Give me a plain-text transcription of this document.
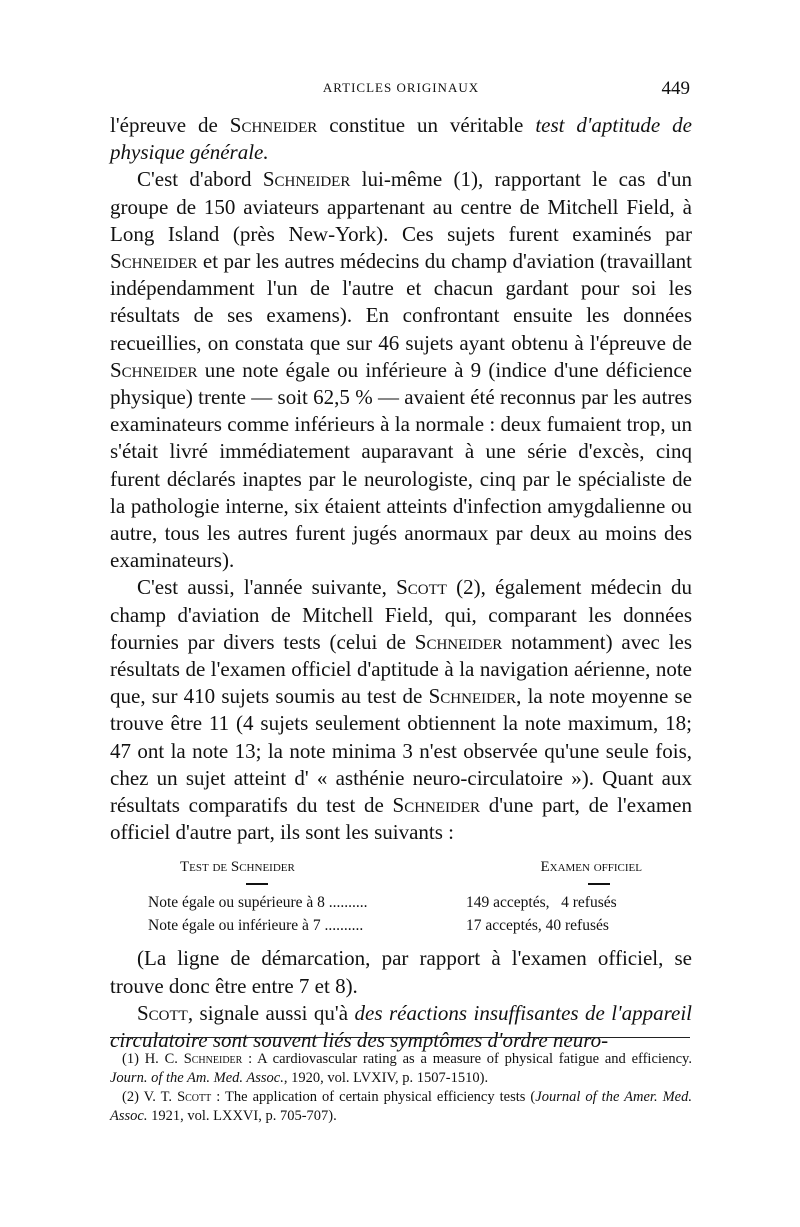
ARTICLES ORIGINAUX	449

l'épreuve de Schneider constitue un véritable test d'aptitude de physique générale.

C'est d'abord Schneider lui-même (1), rapportant le cas d'un groupe de 150 aviateurs appartenant au centre de Mitchell Field, à Long Island (près New-York). Ces sujets furent examinés par Schneider et par les autres médecins du champ d'aviation (travaillant indépendamment l'un de l'autre et chacun gardant pour soi les résultats de ses examens). En confrontant ensuite les données recueillies, on constata que sur 46 sujets ayant obtenu à l'épreuve de Schneider une note égale ou inférieure à 9 (indice d'une déficience physique) trente — soit 62,5 % — avaient été reconnus par les autres examinateurs comme inférieurs à la normale : deux fumaient trop, un s'était livré immédiatement auparavant à une série d'excès, cinq furent déclarés inaptes par le neurologiste, cinq par le spécialiste de la pathologie interne, six étaient atteints d'infection amygdalienne ou autre, tous les autres furent jugés anormaux par deux au moins des examinateurs).

C'est aussi, l'année suivante, Scott (2), également médecin du champ d'aviation de Mitchell Field, qui, comparant les données fournies par divers tests (celui de Schneider notamment) avec les résultats de l'examen officiel d'aptitude à la navigation aérienne, note que, sur 410 sujets soumis au test de Schneider, la note moyenne se trouve être 11 (4 sujets seulement obtiennent la note maximum, 18; 47 ont la note 13; la note minima 3 n'est observée qu'une seule fois, chez un sujet atteint d' « asthénie neuro-circulatoire »). Quant aux résultats comparatifs du test de Schneider d'une part, de l'examen officiel d'autre part, ils sont les suivants :

Test de Schneider	Examen officiel
Note égale ou supérieure à 8 ..........	149 acceptés,   4 refusés
Note égale ou inférieure à 7 ..........	17 acceptés, 40 refusés

(La ligne de démarcation, par rapport à l'examen officiel, se trouve donc être entre 7 et 8).

Scott, signale aussi qu'à des réactions insuffisantes de l'appareil circulatoire sont souvent liés des symptômes d'ordre neuro-

(1) H. C. Schneider : A cardiovascular rating as a measure of physical fatigue and efficiency. Journ. of the Am. Med. Assoc., 1920, vol. LVXIV, p. 1507-1510).

(2) V. T. Scott : The application of certain physical efficiency tests (Journal of the Amer. Med. Assoc. 1921, vol. LXXVI, p. 705-707).
